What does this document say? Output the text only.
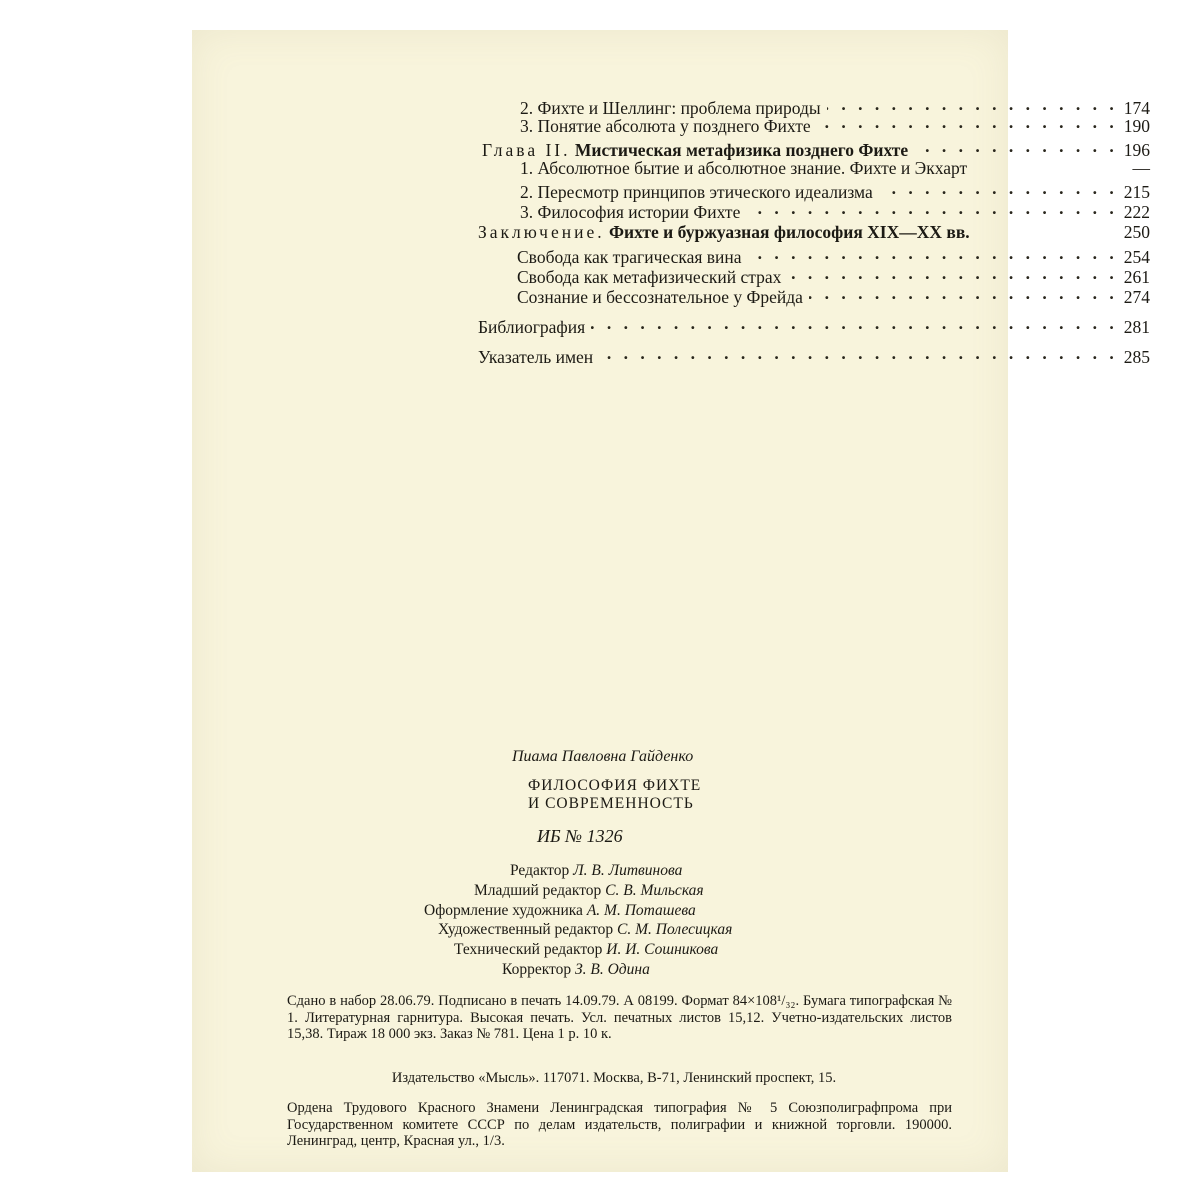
2. Фихте и Шеллинг: проблема природы . . .	174
3. Понятие абсолюта у позднего Фихте . . .	190
Глава II. Мистическая метафизика позднего Фихте . . .	196
1. Абсолютное бытие и абсолютное знание. Фихте и Экхарт	—
2. Пересмотр принципов этического идеализма . . .	215
3. Философия истории Фихте . . .	222
Заключение. Фихте и буржуазная философия XIX—XX вв.	250
Свобода как трагическая вина . . .	254
Свобода как метафизический страх . . .	261
Сознание и бессознательное у Фрейда . . .	274
Библиография . . .	281
Указатель имен . . .	285
Пиама Павловна Гайденко
ФИЛОСОФИЯ ФИХТЕ
И СОВРЕМЕННОСТЬ
ИБ № 1326
Редактор Л. В. Литвинова
Младший редактор С. В. Мильская
Оформление художника А. М. Поташева
Художественный редактор С. М. Полесицкая
Технический редактор И. И. Сошникова
Корректор З. В. Одина
Сдано в набор 28.06.79. Подписано в печать 14.09.79. А 08199. Формат 84×108¹/₃₂. Бумага типографская № 1. Литературная гарнитура. Высокая печать. Усл. печатных листов 15,12. Учетно-издательских листов 15,38. Тираж 18 000 экз. Заказ № 781. Цена 1 р. 10 к.
Издательство «Мысль». 117071. Москва, В-71, Ленинский проспект, 15.
Ордена Трудового Красного Знамени Ленинградская типография № 5 Союзполиграфпрома при Государственном комитете СССР по делам издательств, полиграфии и книжной торговли. 190000. Ленинград, центр, Красная ул., 1/3.
